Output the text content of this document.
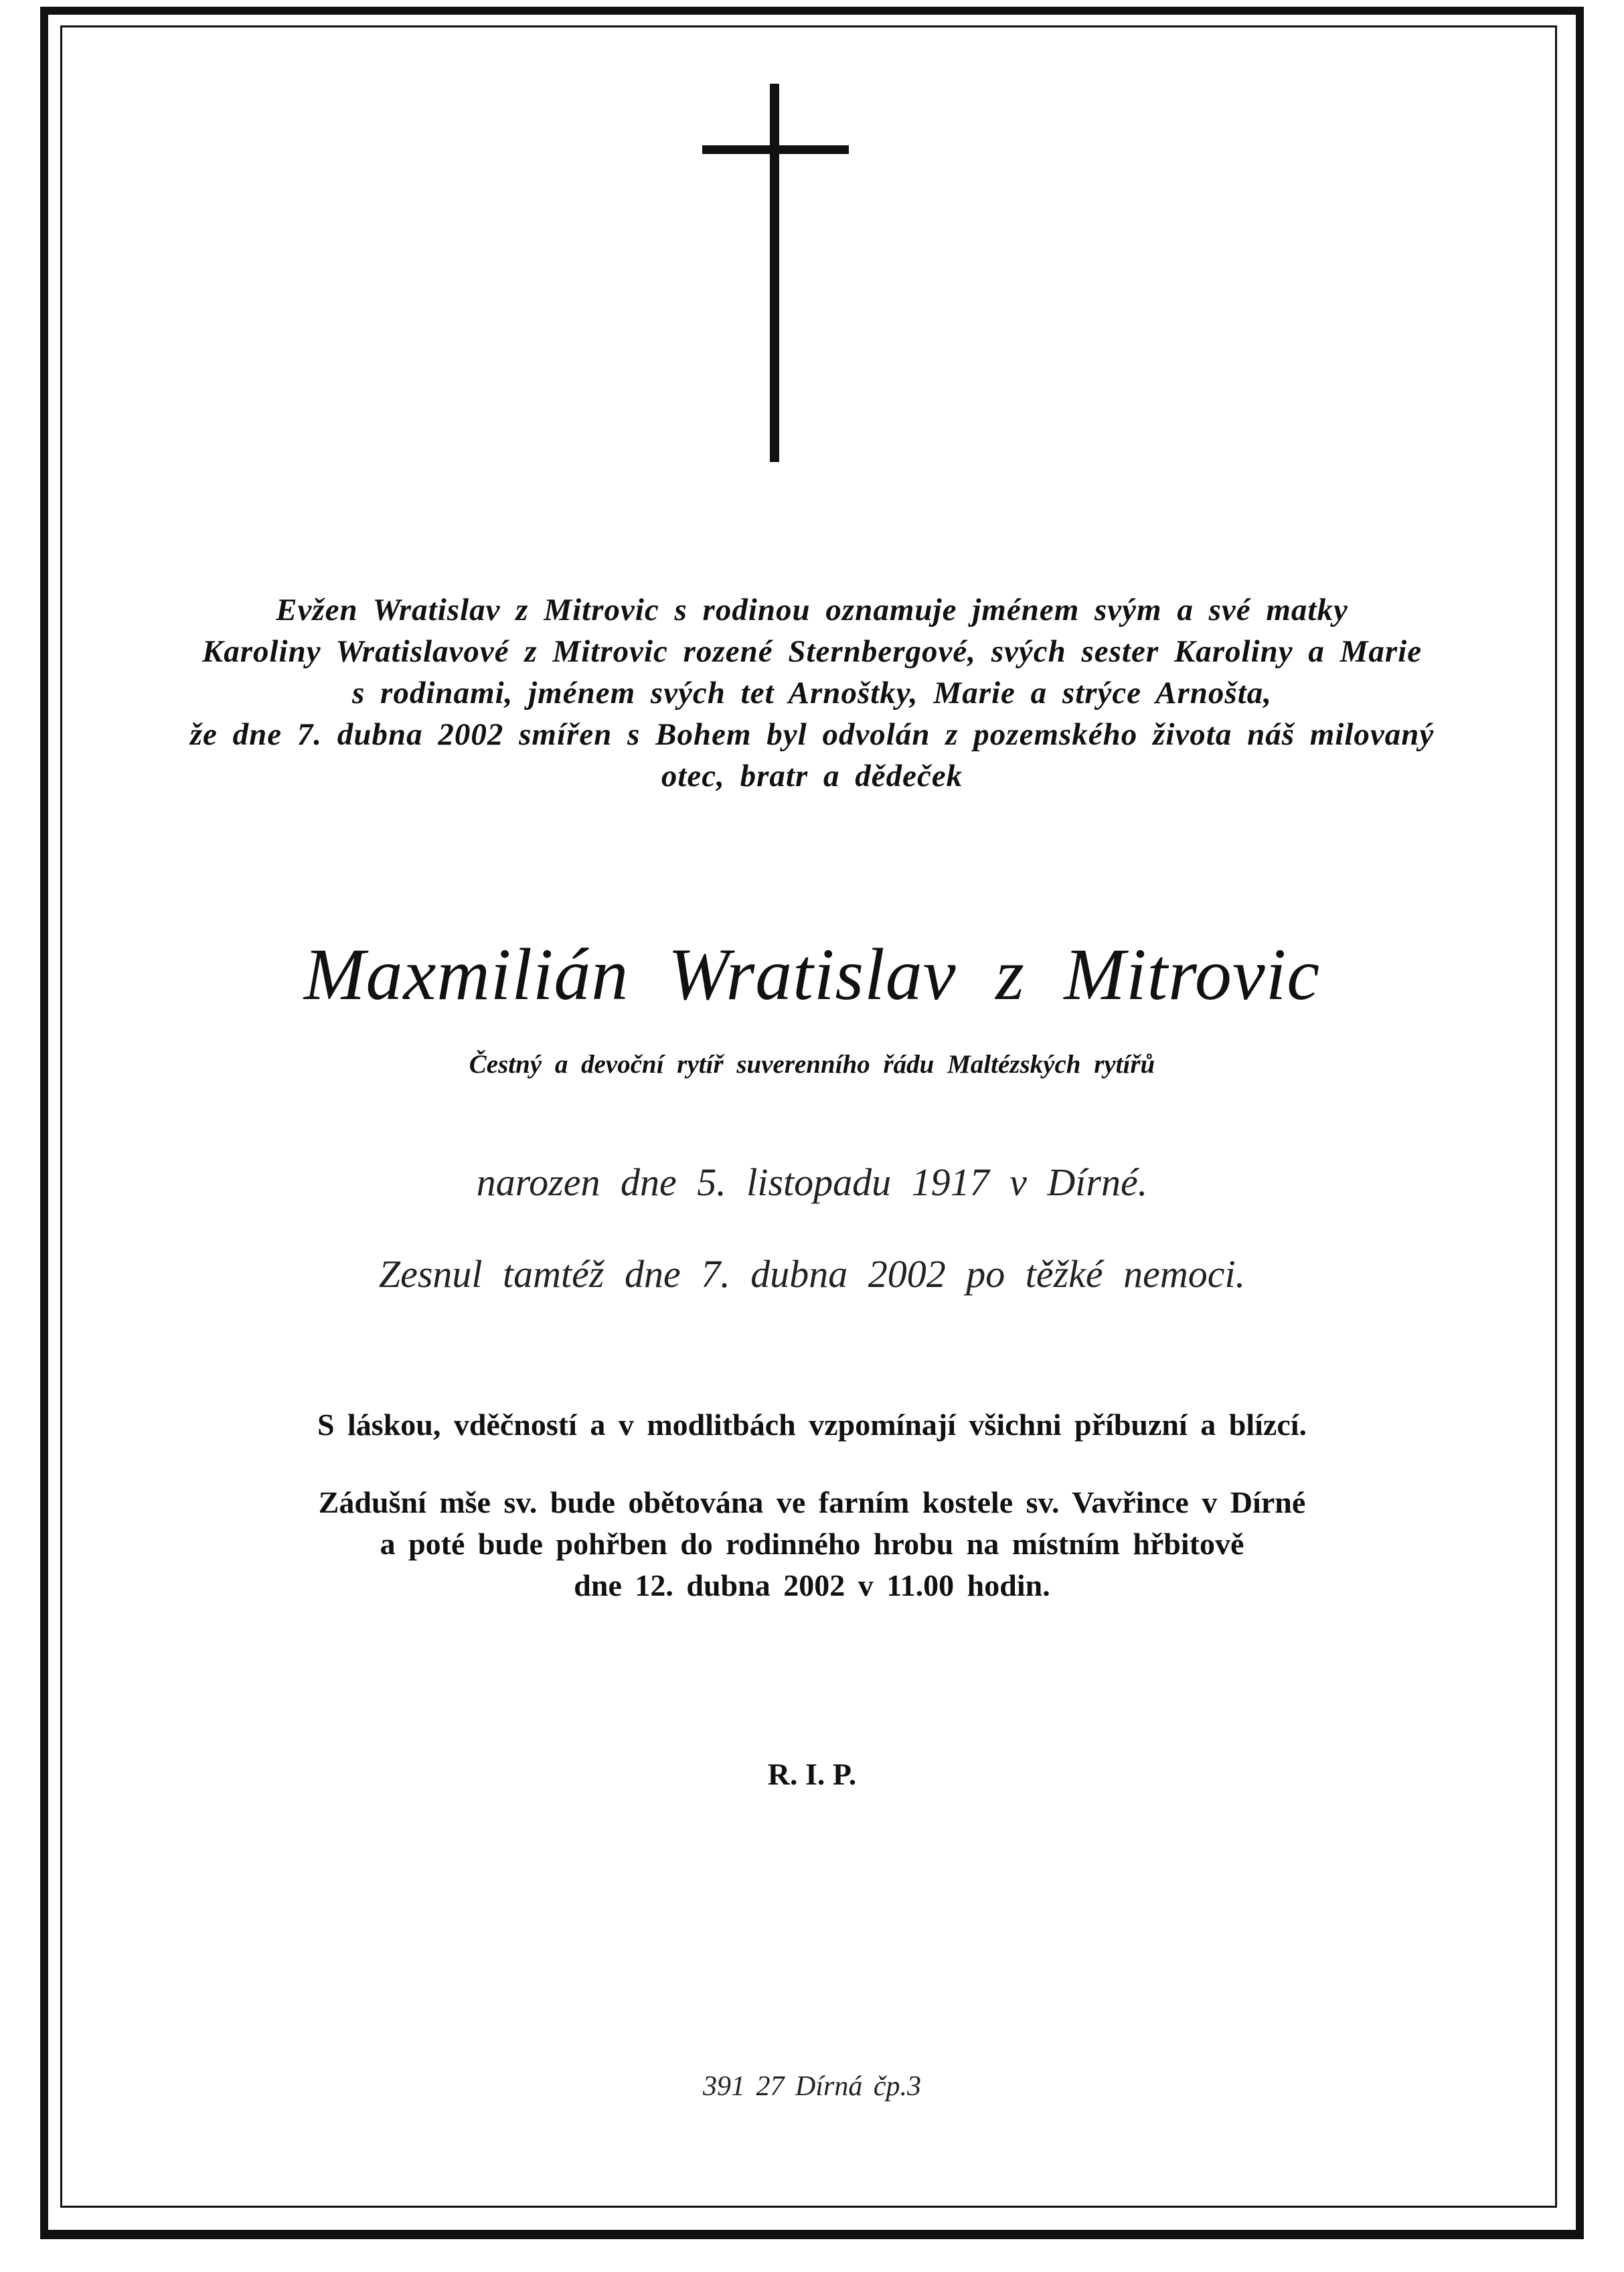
Evžen Wratislav z Mitrovic s rodinou oznamuje jménem svým a své matky
Karoliny Wratislavové z Mitrovic rozené Sternbergové, svých sester Karoliny a Marie
s rodinami, jménem svých tet Arnoštky, Marie a strýce Arnošta,
že dne 7. dubna 2002 smířen s Bohem byl odvolán z pozemského života náš milovaný
otec, bratr a dědeček
Maxmilián Wratislav z Mitrovic
Čestný a devoční rytíř suverenního řádu Maltézských rytířů
narozen dne 5. listopadu 1917 v Dírné.
Zesnul tamtéž dne 7. dubna 2002 po těžké nemoci.
S láskou, vděčností a v modlitbách vzpomínají všichni příbuzní a blízcí.
Zádušní mše sv. bude obětována ve farním kostele sv. Vavřince v Dírné
a poté bude pohřben do rodinného hrobu na místním hřbitově
dne 12. dubna 2002 v 11.00 hodin.
R. I. P.
391 27 Dírná čp.3
